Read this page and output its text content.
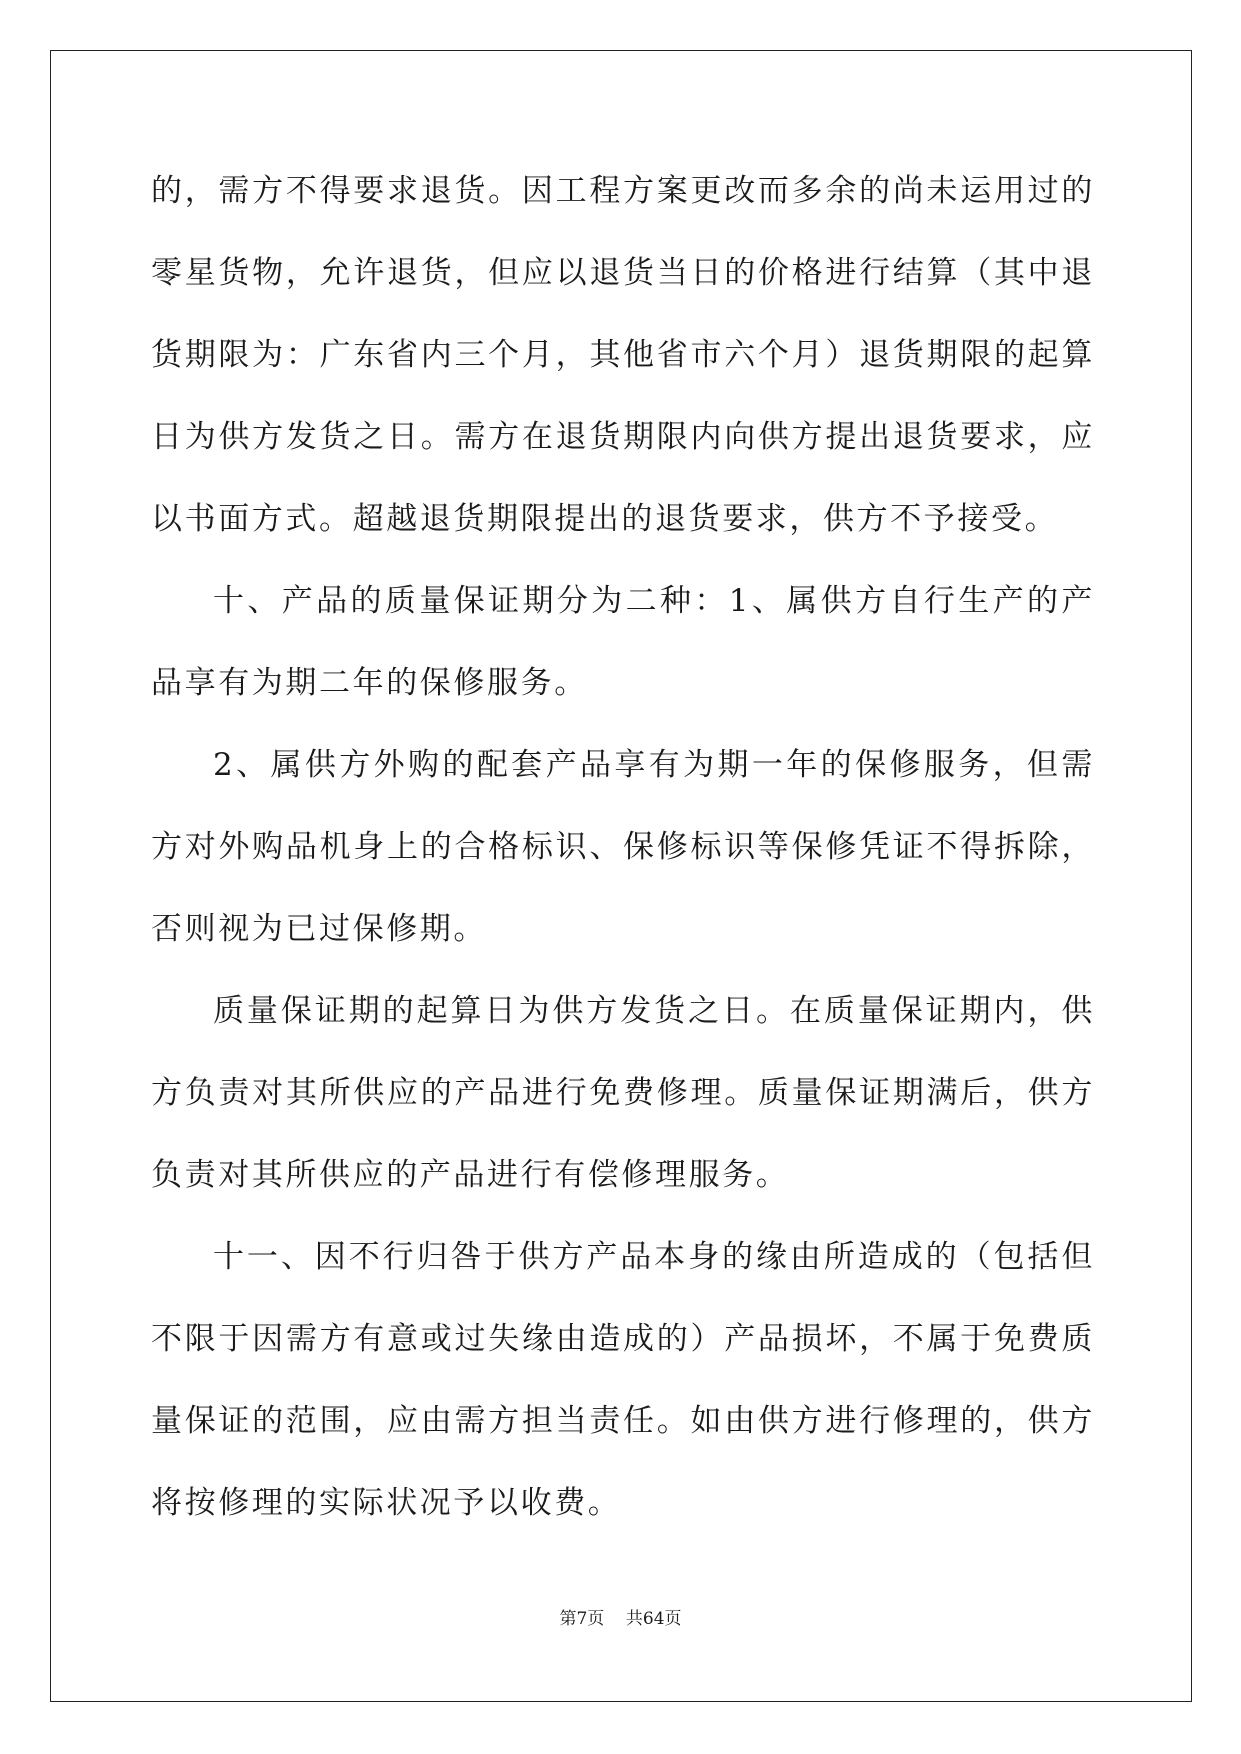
的，需方不得要求退货。因工程方案更改而多余的尚未运用过的零星货物，允许退货，但应以退货当日的价格进行结算（其中退货期限为：广东省内三个月，其他省市六个月）退货期限的起算日为供方发货之日。需方在退货期限内向供方提出退货要求，应以书面方式。超越退货期限提出的退货要求，供方不予接受。

十、产品的质量保证期分为二种：1、属供方自行生产的产品享有为期二年的保修服务。

2、属供方外购的配套产品享有为期一年的保修服务，但需方对外购品机身上的合格标识、保修标识等保修凭证不得拆除，否则视为已过保修期。

质量保证期的起算日为供方发货之日。在质量保证期内，供方负责对其所供应的产品进行免费修理。质量保证期满后，供方负责对其所供应的产品进行有偿修理服务。

十一、因不行归咎于供方产品本身的缘由所造成的（包括但不限于因需方有意或过失缘由造成的）产品损坏，不属于免费质量保证的范围，应由需方担当责任。如由供方进行修理的，供方将按修理的实际状况予以收费。

第7页 共64页
